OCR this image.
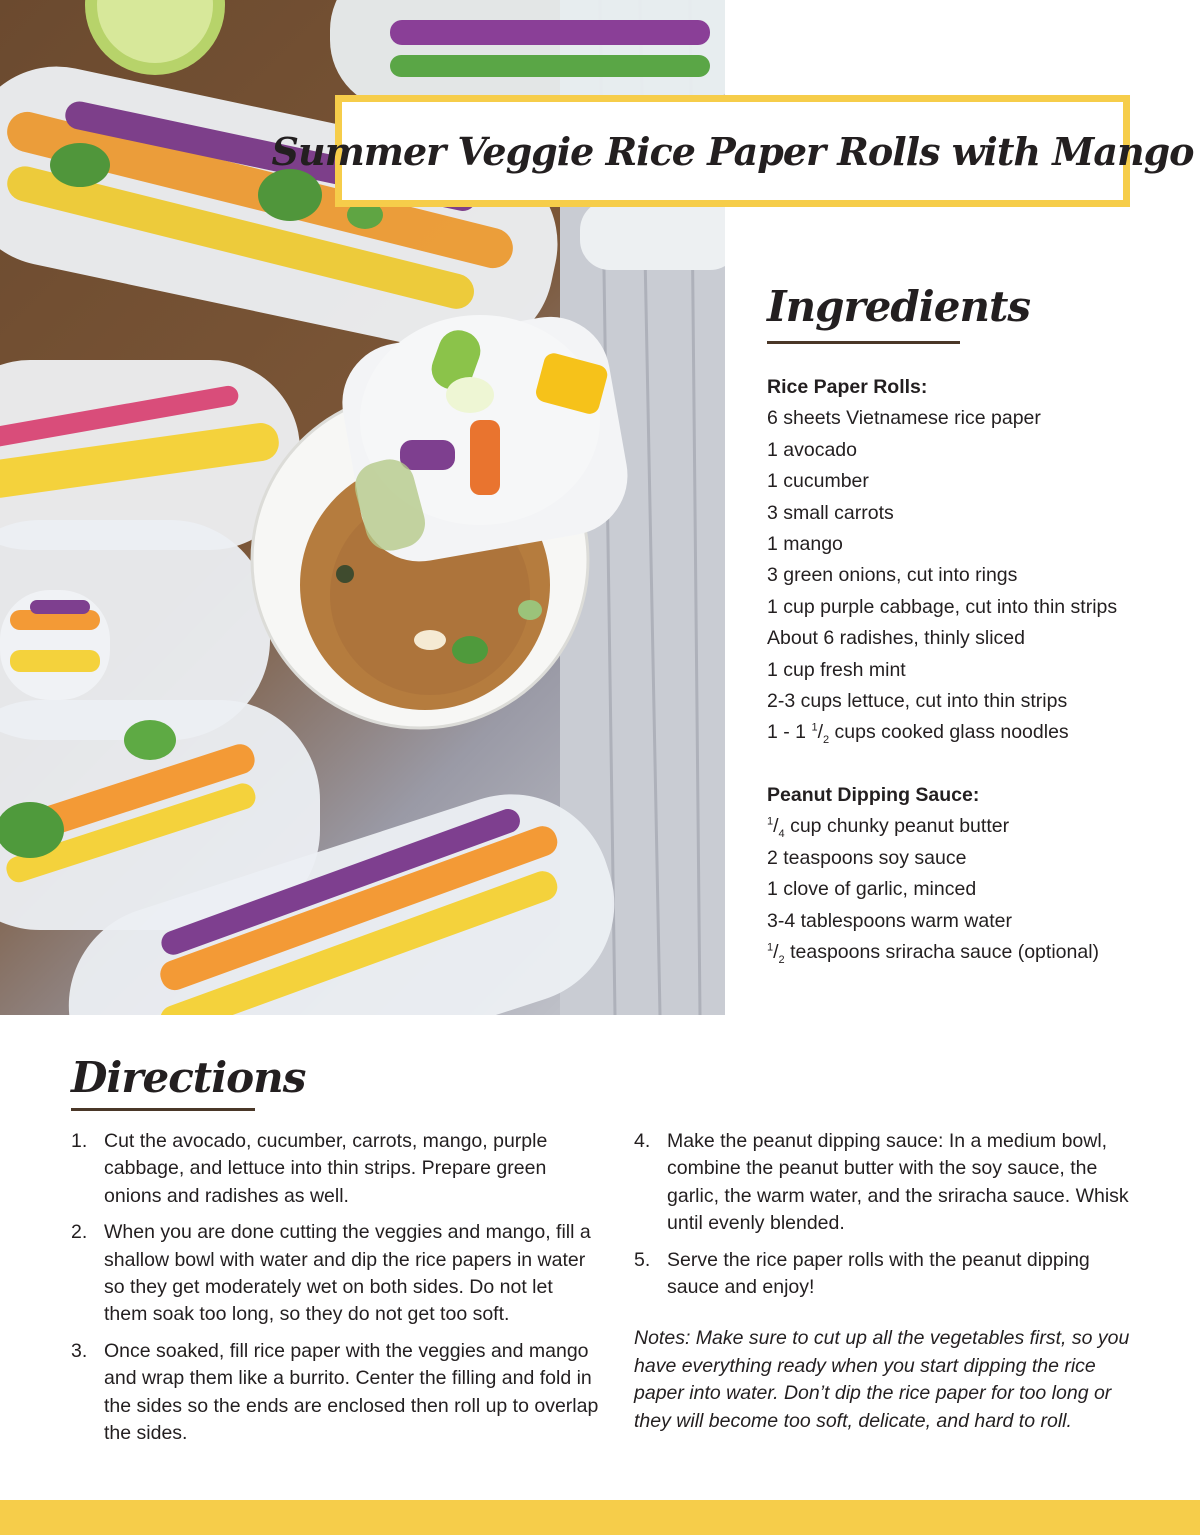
Summer Veggie Rice Paper Rolls with Mango
Ingredients
Rice Paper Rolls:
6 sheets Vietnamese rice paper
1 avocado
1 cucumber
3 small carrots
1 mango
3 green onions, cut into rings
1 cup purple cabbage, cut into thin strips
About 6 radishes, thinly sliced
1 cup fresh mint
2-3 cups lettuce, cut into thin strips
1 - 1 $^1/_2$ cups cooked glass noodles
Peanut Dipping Sauce:
$^1/_4$ cup chunky peanut butter
2 teaspoons soy sauce
1 clove of garlic, minced
3-4 tablespoons warm water
$^1/_2$ teaspoons sriracha sauce (optional)
Directions
1. Cut the avocado, cucumber, carrots, mango, purple cabbage, and lettuce into thin strips. Prepare green onions and radishes as well.
2. When you are done cutting the veggies and mango, fill a shallow bowl with water and dip the rice papers in water so they get moderately wet on both sides. Do not let them soak too long, so they do not get too soft.
3. Once soaked, fill rice paper with the veggies and mango and wrap them like a burrito. Center the filling and fold in the sides so the ends are enclosed then roll up to overlap the sides.
4. Make the peanut dipping sauce: In a medium bowl, combine the peanut butter with the soy sauce, the garlic, the warm water, and the sriracha sauce. Whisk until evenly blended.
5. Serve the rice paper rolls with the peanut dipping sauce and enjoy!
Notes: Make sure to cut up all the vegetables first, so you have everything ready when you start dipping the rice paper into water. Don’t dip the rice paper for too long or they will become too soft, delicate, and hard to roll.
